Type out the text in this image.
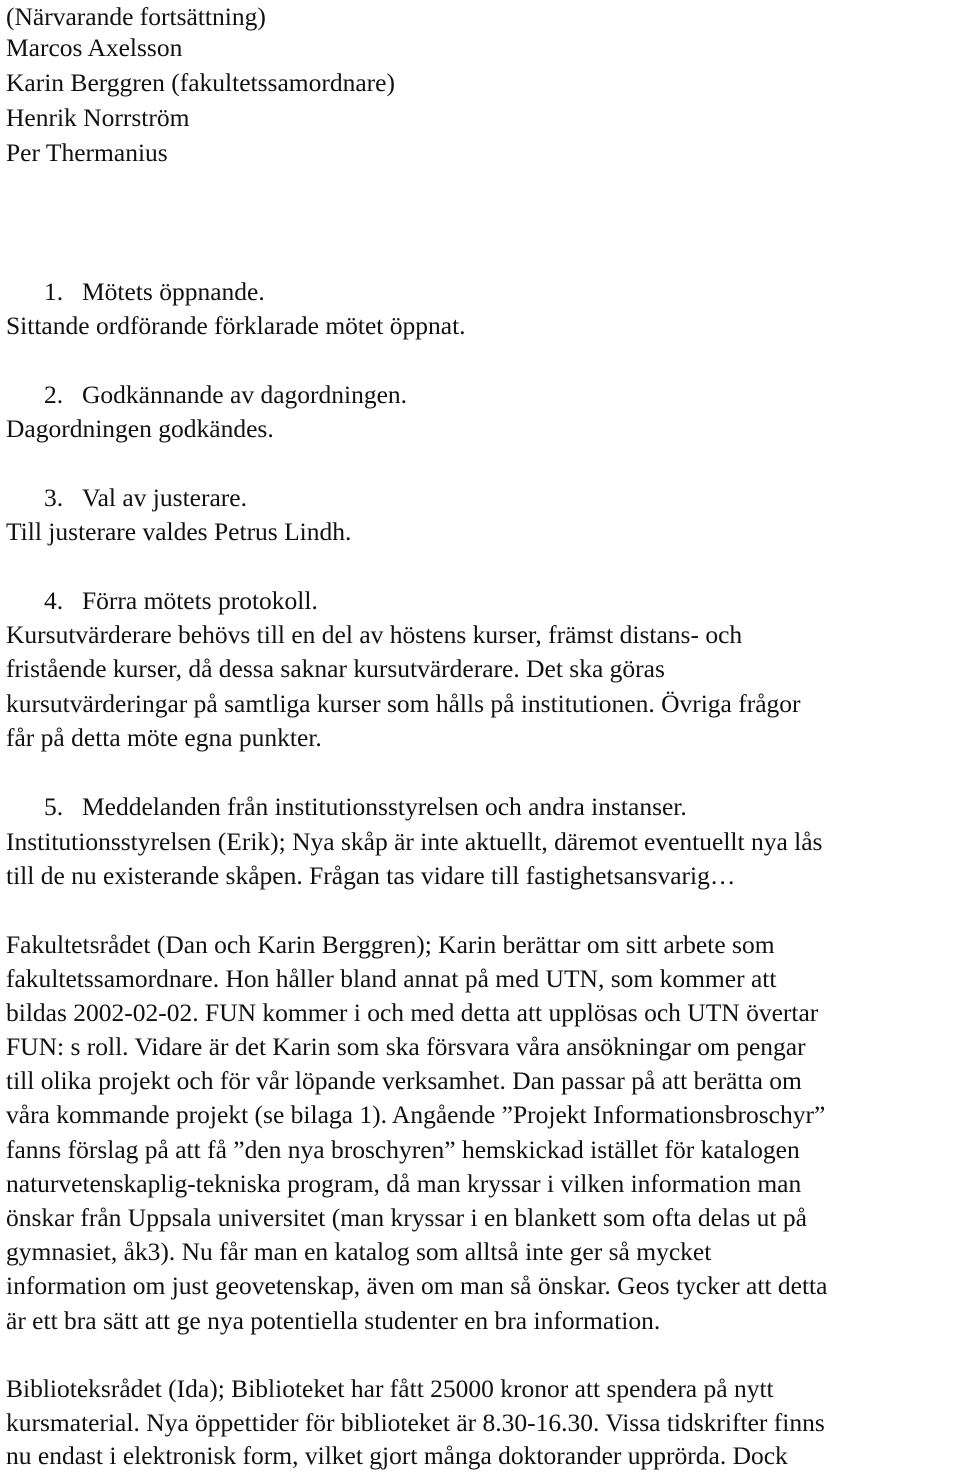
(Närvarande fortsättning)
Marcos Axelsson
Karin Berggren (fakultetssamordnare)
Henrik Norrström
Per Thermanius
1. Mötets öppnande.
Sittande ordförande förklarade mötet öppnat.
2. Godkännande av dagordningen.
Dagordningen godkändes.
3. Val av justerare.
Till justerare valdes Petrus Lindh.
4. Förra mötets protokoll.
Kursutvärderare behövs till en del av höstens kurser, främst distans- och
fristående kurser, då dessa saknar kursutvärderare. Det ska göras
kursutvärderingar på samtliga kurser som hålls på institutionen. Övriga frågor
får på detta möte egna punkter.
5. Meddelanden från institutionsstyrelsen och andra instanser.
Institutionsstyrelsen (Erik); Nya skåp är inte aktuellt, däremot eventuellt nya lås
till de nu existerande skåpen. Frågan tas vidare till fastighetsansvarig…
Fakultetsrådet (Dan och Karin Berggren); Karin berättar om sitt arbete som
fakultetssamordnare. Hon håller bland annat på med UTN, som kommer att
bildas 2002-02-02. FUN kommer i och med detta att upplösas och UTN övertar
FUN: s roll. Vidare är det Karin som ska försvara våra ansökningar om pengar
till olika projekt och för vår löpande verksamhet. Dan passar på att berätta om
våra kommande projekt (se bilaga 1). Angående ”Projekt Informationsbroschyr”
fanns förslag på att få ”den nya broschyren” hemskickad istället för katalogen
naturvetenskaplig-tekniska program, då man kryssar i vilken information man
önskar från Uppsala universitet (man kryssar i en blankett som ofta delas ut på
gymnasiet, åk3). Nu får man en katalog som alltså inte ger så mycket
information om just geovetenskap, även om man så önskar. Geos tycker att detta
är ett bra sätt att ge nya potentiella studenter en bra information.
Biblioteksrådet (Ida); Biblioteket har fått 25000 kronor att spendera på nytt
kursmaterial. Nya öppettider för biblioteket är 8.30-16.30. Vissa tidskrifter finns
nu endast i elektronisk form, vilket gjort många doktorander upprörda. Dock
